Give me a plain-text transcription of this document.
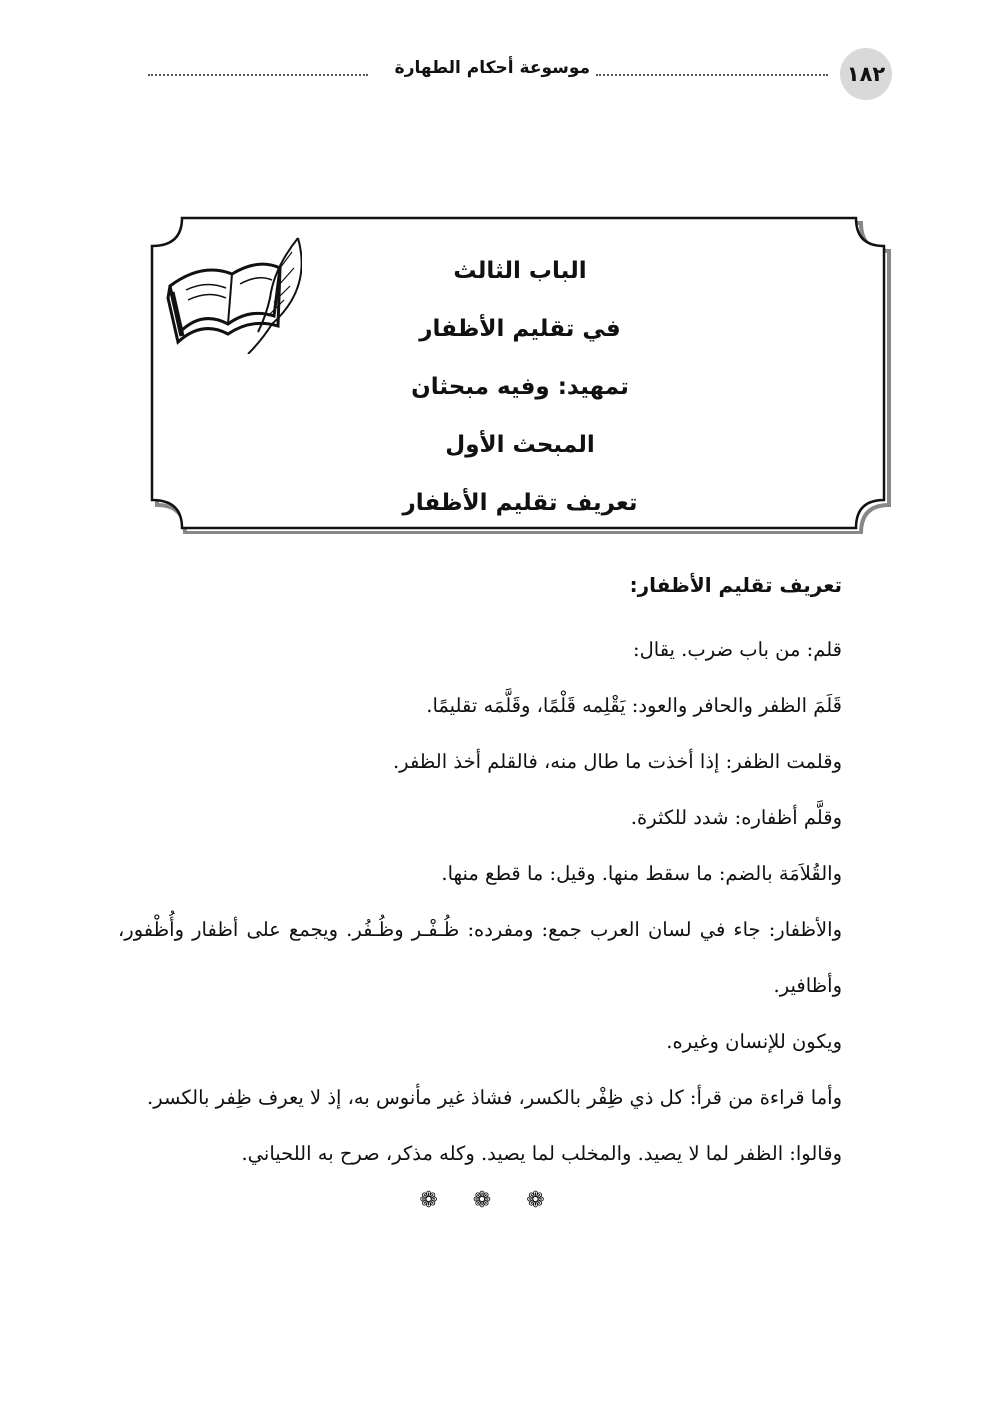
١٨٢
موسوعة أحكام الطهارة
الباب الثالث
في تقليم الأظفار
تمهيد: وفيه مبحثان
المبحث الأول
تعريف تقليم الأظفار
تعريف تقليم الأظفار:
قلم: من باب ضرب. يقال:
قَلَمَ الظفر والحافر والعود: يَقْلِمه قَلْمًا، وقَلَّمَه تقليمًا.
وقلمت الظفر: إذا أخذت ما طال منه، فالقلم أخذ الظفر.
وقلَّم أظفاره: شدد للكثرة.
والقُلاَمَة بالضم: ما سقط منها. وقيل: ما قطع منها.
والأظفار: جاء في لسان العرب جمع: ومفرده: ظُـفْـر وظُـفُر. ويجمع على أظفار وأُظْفور، وأظافير.
ويكون للإنسان وغيره.
وأما قراءة من قرأ: كل ذي ظِفْر بالكسر، فشاذ غير مأنوس به، إذ لا يعرف ظِفر بالكسر.
وقالوا: الظفر لما لا يصيد. والمخلب لما يصيد. وكله مذكر، صرح به اللحياني.
❁ ❁ ❁
